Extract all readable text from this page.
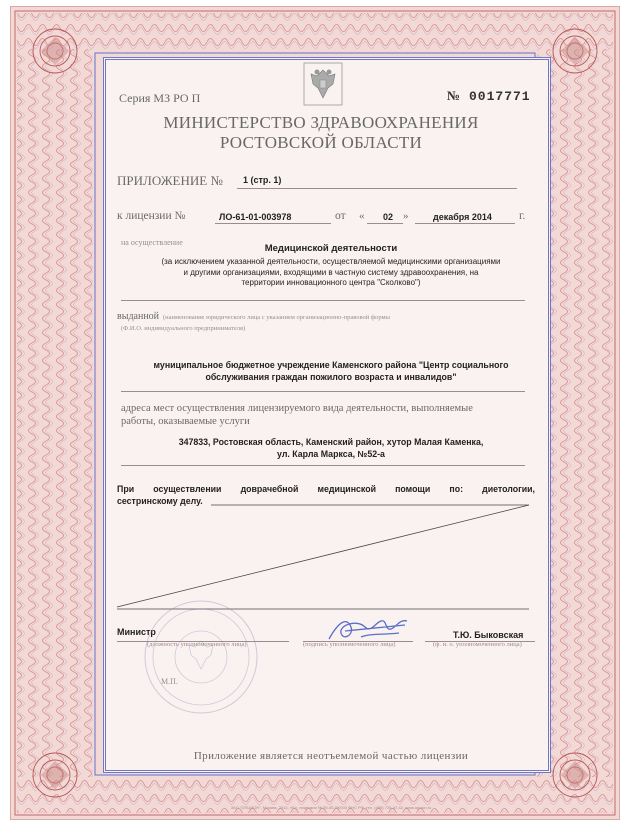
Серия МЗ РО П	№ 0017771
МИНИСТЕРСТВО ЗДРАВООХРАНЕНИЯ
РОСТОВСКОЙ ОБЛАСТИ
ПРИЛОЖЕНИЕ № 1 (стр. 1)
к лицензии №	ЛО-61-01-003978	от « 02 »	декабря 2014 г.
на осуществление
Медицинской деятельности
(за исключением указанной деятельности, осуществляемой медицинскими организациями
и другими организациями, входящими в частную систему здравоохранения, на
территории инновационного центра "Сколково")
выданной (наименование юридического лица с указанием организационно-правовой формы
(Ф.И.О. индивидуального предпринимателя)
муниципальное бюджетное учреждение Каменского района "Центр социального
обслуживания граждан пожилого возраста и инвалидов"
адреса мест осуществления лицензируемого вида деятельности, выполняемые
работы, оказываемые услуги
347833, Ростовская область, Каменский район, хутор Малая Каменка,
ул. Карла Маркса, №52-а
При осуществлении доврачебной медицинской помощи по: диетологии,
сестринскому делу.
Министр
(должность уполномоченного лица)	(подпись уполномоченного лица)
Т.Ю. Быковская
(ф. и. о. уполномоченного лица)
М.П.
Приложение является неотъемлемой частью лицензии
ЗАО "ОПЦИОН", Москва, 2014, «Б», лицензия № 05-05-09/003 ФНС РФ, тел. (495) 726-47-42, www.opcion.ru
